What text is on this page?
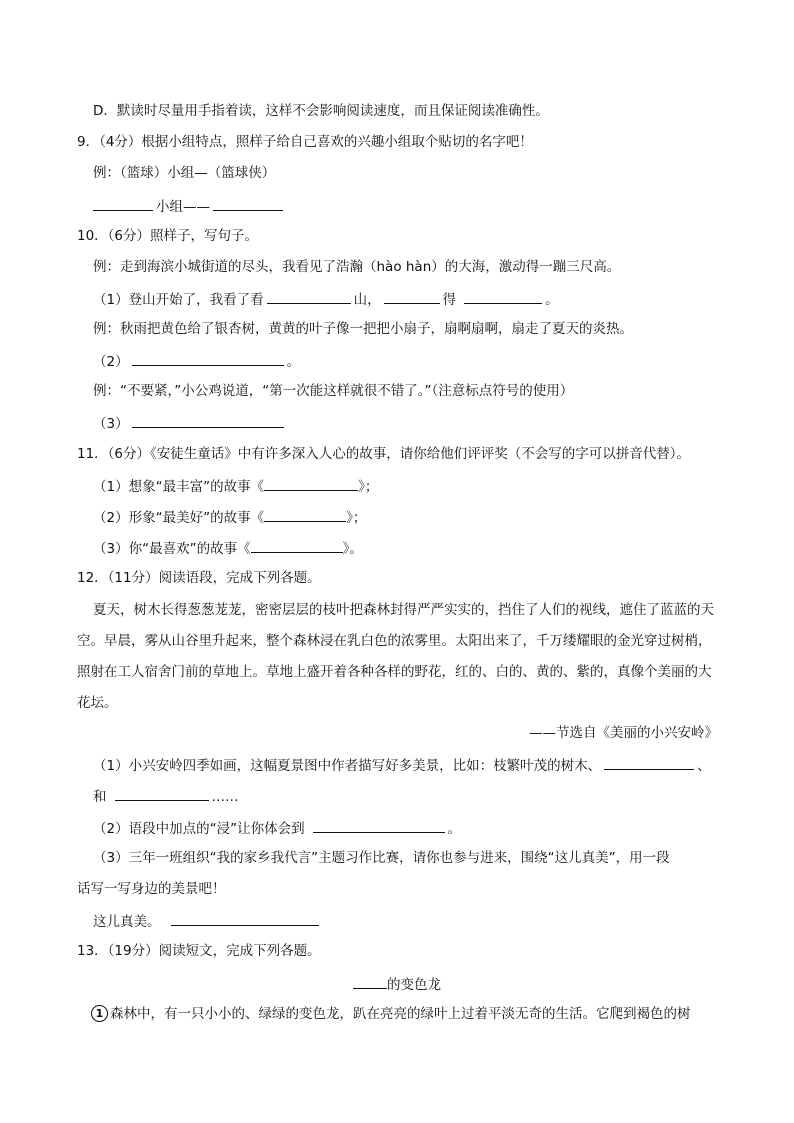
D．默读时尽量用手指着读，这样不会影响阅读速度，而且保证阅读准确性。
9．（4分）根据小组特点，照样子给自己喜欢的兴趣小组取个贴切的名字吧！
例：（篮球）小组—（篮球侠）
小组——
10．（6分）照样子，写句子。
例：走到海滨小城街道的尽头，我看见了浩瀚（hào hàn）的大海，激动得一蹦三尺高。
（1）登山开始了，我看了看	山，	得	。
例：秋雨把黄色给了银杏树，黄黄的叶子像一把把小扇子，扇啊扇啊，扇走了夏天的炎热。
（2）	。
例：“不要紧，”小公鸡说道，“第一次能这样就很不错了。”（注意标点符号的使用）
（3）
11．（6分）《安徒生童话》中有许多深入人心的故事，请你给他们评评奖（不会写的字可以拼音代替）。
（1）想象“最丰富”的故事《	》；
（2）形象“最美好”的故事《	》；
（3）你“最喜欢”的故事《	》。
12．（11分）阅读语段，完成下列各题。
夏天，树木长得葱葱茏茏，密密层层的枝叶把森林封得严严实实的，挡住了人们的视线，遮住了蓝蓝的天空。早晨，雾从山谷里升起来，整个森林浸在乳白色的浓雾里。太阳出来了，千万缕耀眼的金光穿过树梢，照射在工人宿舍门前的草地上。草地上盛开着各种各样的野花，红的、白的、黄的、紫的，真像个美丽的大花坛。
——节选自《美丽的小兴安岭》
（1）小兴安岭四季如画，这幅夏景图中作者描写好多美景，比如：枝繁叶茂的树木、	、
和	……
（2）语段中加点的“浸”让你体会到	。
（3）三年一班组织“我的家乡我代言”主题习作比赛，请你也参与进来，围绕“这儿真美”，用一段
话写一写身边的美景吧！
这儿真美。
13．（19分）阅读短文，完成下列各题。
的变色龙
1 森林中，有一只小小的、绿绿的变色龙，趴在亮亮的绿叶上过着平淡无奇的生活。它爬到褐色的树
